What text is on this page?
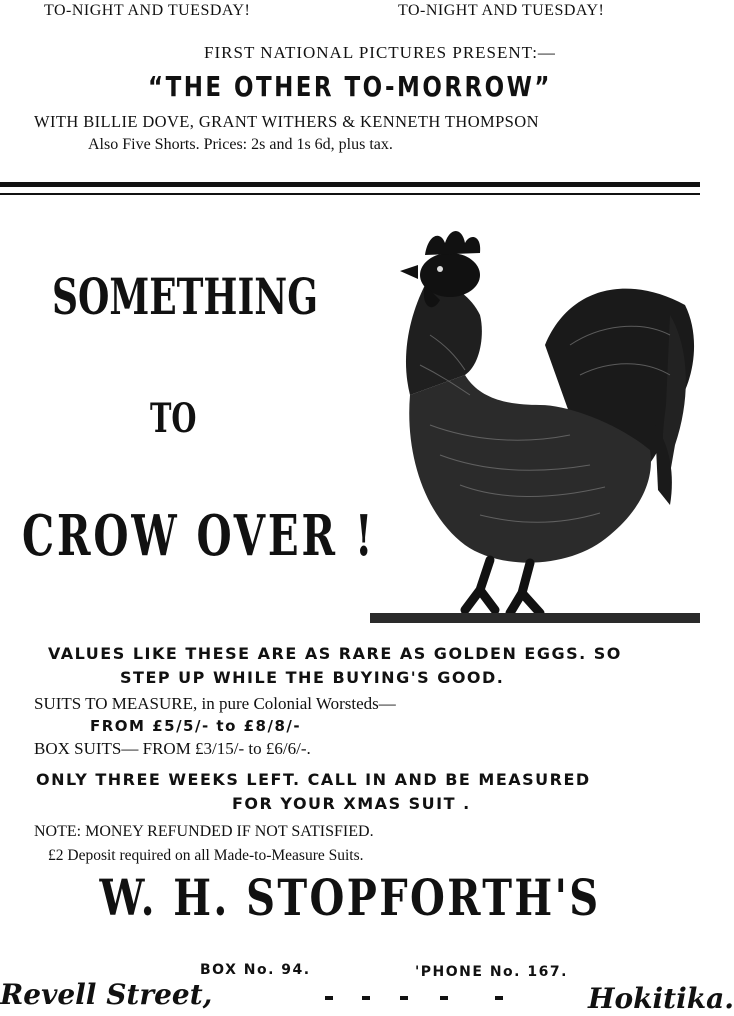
TO-NIGHT AND TUESDAY!	TO-NIGHT AND TUESDAY!
FIRST NATIONAL PICTURES PRESENT:—
“THE OTHER TO-MORROW”
WITH BILLIE DOVE, GRANT WITHERS & KENNETH THOMPSON
Also Five Shorts. Prices: 2s and 1s 6d, plus tax.
SOMETHING
TO
CROW OVER !
VALUES LIKE THESE ARE AS RARE AS GOLDEN EGGS. SO
STEP UP WHILE THE BUYING'S GOOD.
SUITS TO MEASURE, in pure Colonial Worsteds—
FROM £5/5/- to £8/8/-
BOX SUITS— FROM £3/15/- to £6/6/-.
ONLY THREE WEEKS LEFT. CALL IN AND BE MEASURED
FOR YOUR XMAS SUIT .
NOTE: MONEY REFUNDED IF NOT SATISFIED.
£2 Deposit required on all Made-to-Measure Suits.
W. H. STOPFORTH'S
BOX No. 94.	'PHONE No. 167.
Revell Street,	Hokitika.
